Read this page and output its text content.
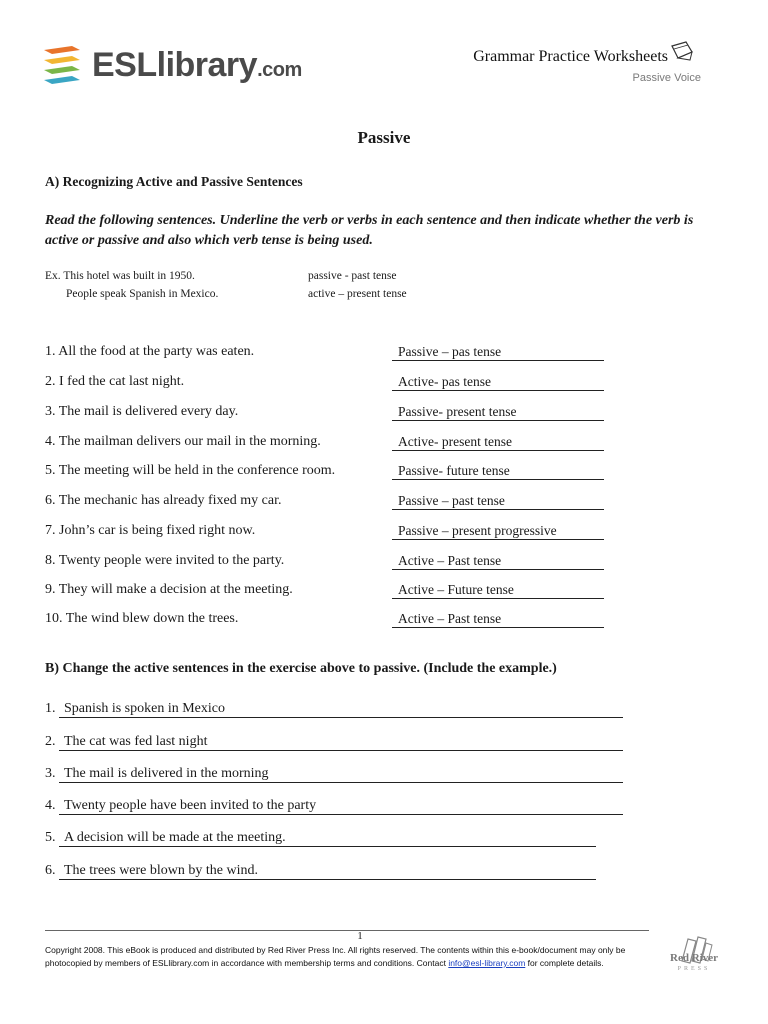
ESLlibrary.com
Grammar Practice Worksheets
Passive Voice
Passive
A) Recognizing Active and Passive Sentences
Read the following sentences. Underline the verb or verbs in each sentence and then indicate whether the verb is active or passive and also which verb tense is being used.
Ex. This hotel was built in 1950.	passive - past tense
People speak Spanish in Mexico.	active – present tense
1. All the food at the party was eaten.	Passive – pas tense
2. I fed the cat last night.	Active- pas tense
3. The mail is delivered every day.	Passive- present tense
4. The mailman delivers our mail in the morning.	Active- present tense
5. The meeting will be held in the conference room.	Passive- future tense
6. The mechanic has already fixed my car.	Passive – past tense
7. John’s car is being fixed right now.	Passive – present progressive
8. Twenty people were invited to the party.	Active – Past tense
9. They will make a decision at the meeting.	Active – Future tense
10. The wind blew down the trees.	Active – Past tense
B) Change the active sentences in the exercise above to passive. (Include the example.)
1. Spanish is spoken in Mexico
2. The cat was fed last night
3. The mail is delivered in the morning
4. Twenty people have been invited to the party
5. A decision will be made at the meeting.
6. The trees were blown by the wind.
1
Copyright 2008. This eBook is produced and distributed by Red River Press Inc. All rights reserved. The contents within this e-book/document may only be photocopied by members of ESLlibrary.com in accordance with membership terms and conditions. Contact info@esl-library.com for complete details.	Red River
PRESS
